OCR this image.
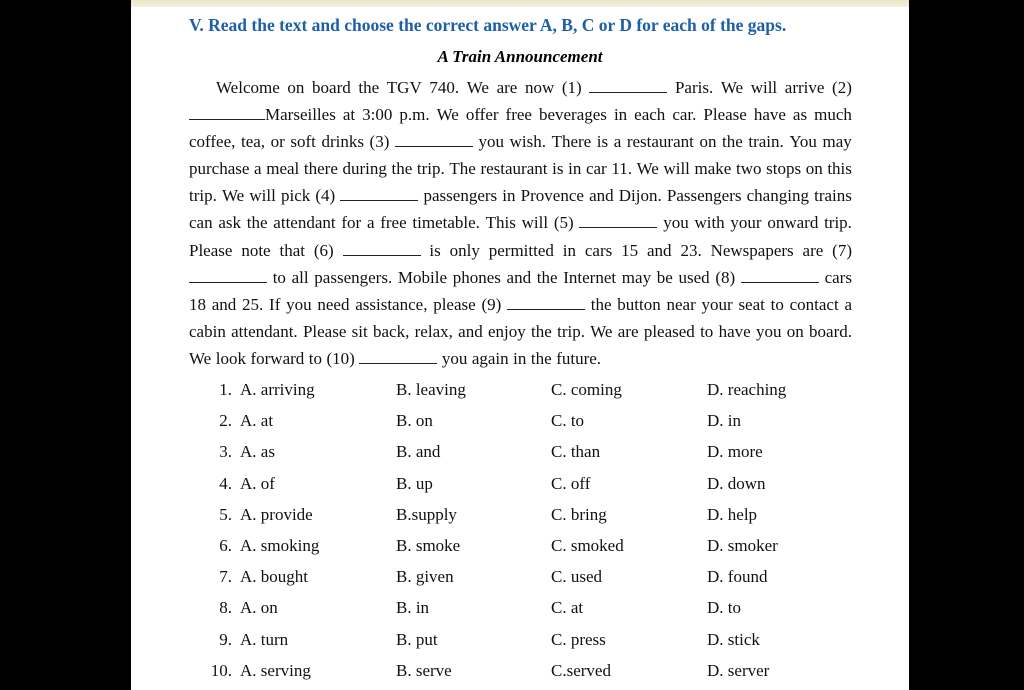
V. Read the text and choose the correct answer A, B, C or D for each of the gaps.
A Train Announcement
Welcome on board the TGV 740. We are now (1)	Paris. We will arrive (2)
Marseilles at 3:00 p.m. We offer free beverages in each car. Please have as much
coffee, tea, or soft drinks (3)	you wish. There is a restaurant on the train. You may
purchase a meal there during the trip. The restaurant is in car 11. We will make two stops on this
trip. We will pick (4)	passengers in Provence and Dijon. Passengers changing trains
can ask the attendant for a free timetable. This will (5)	you with your onward trip.
Please note that (6)	is only permitted in cars 15 and 23. Newspapers are (7)
to all passengers. Mobile phones and the Internet may be used (8)	cars
18 and 25. If you need assistance, please (9)	the button near your seat to contact a
cabin attendant. Please sit back, relax, and enjoy the trip. We are pleased to have you on board.
We look forward to (10)	you again in the future.
1. A. arriving	B. leaving	C. coming	D. reaching
2. A. at	B. on	C. to	D. in
3. A. as	B. and	C. than	D. more
4. A. of	B. up	C. off	D. down
5. A. provide	B.supply	C. bring	D. help
6. A. smoking	B. smoke	C. smoked	D. smoker
7. A. bought	B. given	C. used	D. found
8. A. on	B. in	C. at	D. to
9. A. turn	B. put	C. press	D. stick
10. A. serving	B. serve	C.served	D. server
